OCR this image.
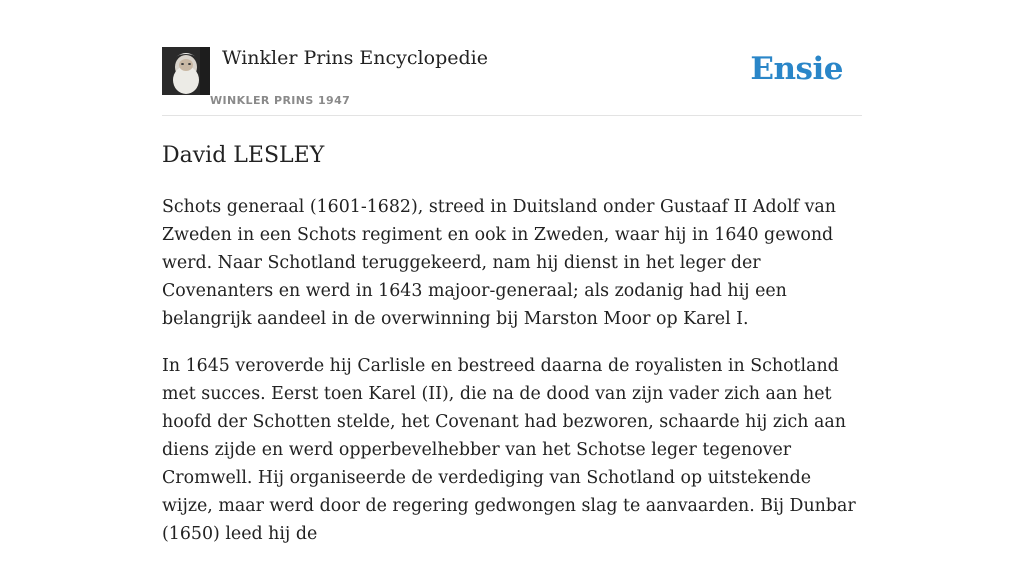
Winkler Prins Encyclopedie
WINKLER PRINS 1947
Ensie
David LESLEY

Schots generaal (1601-1682), streed in Duitsland onder Gustaaf II Adolf van Zweden in een Schots regiment en ook in Zweden, waar hij in 1640 gewond werd. Naar Schotland teruggekeerd, nam hij dienst in het leger der Covenanters en werd in 1643 majoor-generaal; als zodanig had hij een belangrijk aandeel in de overwinning bij Marston Moor op Karel I.

In 1645 veroverde hij Carlisle en bestreed daarna de royalisten in Schotland met succes. Eerst toen Karel (II), die na de dood van zijn vader zich aan het hoofd der Schotten stelde, het Covenant had bezworen, schaarde hij zich aan diens zijde en werd opperbevelhebber van het Schotse leger tegenover Cromwell. Hij organiseerde de verdediging van Schotland op uitstekende wijze, maar werd door de regering gedwongen slag te aanvaarden. Bij Dunbar (1650) leed hij de
